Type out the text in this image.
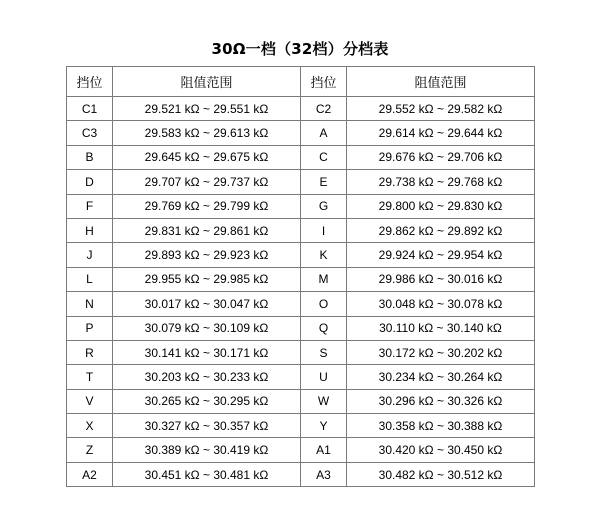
30Ω一档（32档）分档表
挡位	阻值范围	挡位	阻值范围
C1	29.521 kΩ ~ 29.551 kΩ	C2	29.552 kΩ ~ 29.582 kΩ
C3	29.583 kΩ ~ 29.613 kΩ	A	29.614 kΩ ~ 29.644 kΩ
B	29.645 kΩ ~ 29.675 kΩ	C	29.676 kΩ ~ 29.706 kΩ
D	29.707 kΩ ~ 29.737 kΩ	E	29.738 kΩ ~ 29.768 kΩ
F	29.769 kΩ ~ 29.799 kΩ	G	29.800 kΩ ~ 29.830 kΩ
H	29.831 kΩ ~ 29.861 kΩ	I	29.862 kΩ ~ 29.892 kΩ
J	29.893 kΩ ~ 29.923 kΩ	K	29.924 kΩ ~ 29.954 kΩ
L	29.955 kΩ ~ 29.985 kΩ	M	29.986 kΩ ~ 30.016 kΩ
N	30.017 kΩ ~ 30.047 kΩ	O	30.048 kΩ ~ 30.078 kΩ
P	30.079 kΩ ~ 30.109 kΩ	Q	30.110 kΩ ~ 30.140 kΩ
R	30.141 kΩ ~ 30.171 kΩ	S	30.172 kΩ ~ 30.202 kΩ
T	30.203 kΩ ~ 30.233 kΩ	U	30.234 kΩ ~ 30.264 kΩ
V	30.265 kΩ ~ 30.295 kΩ	W	30.296 kΩ ~ 30.326 kΩ
X	30.327 kΩ ~ 30.357 kΩ	Y	30.358 kΩ ~ 30.388 kΩ
Z	30.389 kΩ ~ 30.419 kΩ	A1	30.420 kΩ ~ 30.450 kΩ
A2	30.451 kΩ ~ 30.481 kΩ	A3	30.482 kΩ ~ 30.512 kΩ
